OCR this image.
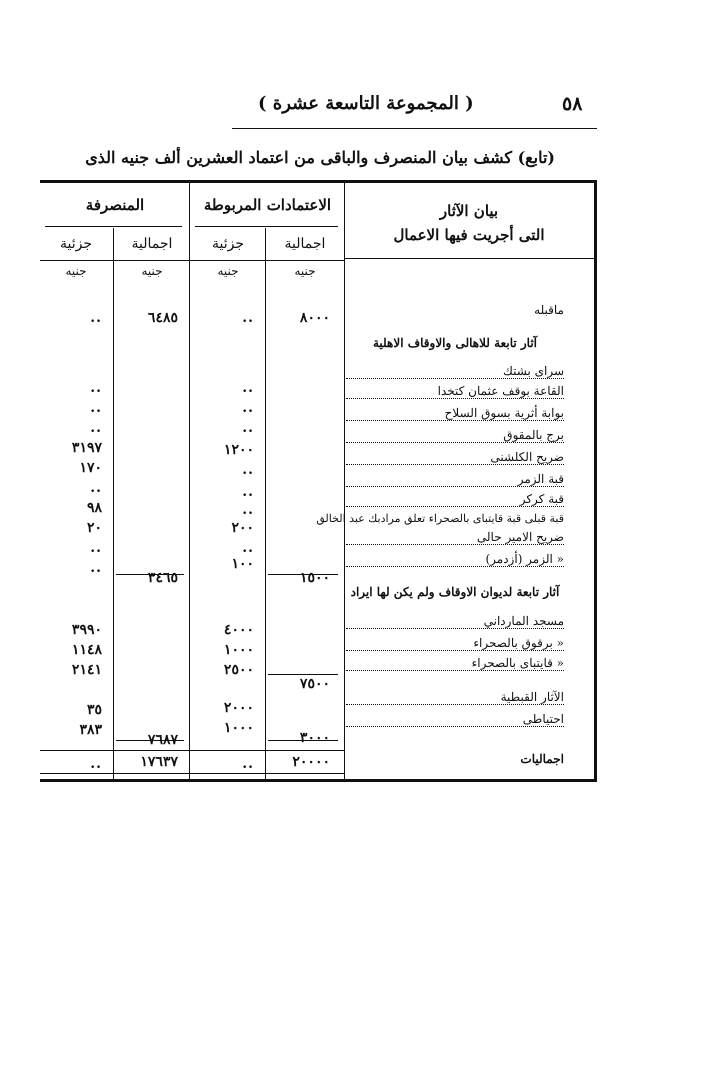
٥٨
( المجموعة التاسعة عشرة )
(تابع) كشف بيان المنصرف والباقى من اعتماد العشرين ألف جنيه الذى
بيان الآثار
التى أجريت فيها الاعمال
الاعتمادات المربوطة
المنصرفة
اجمالية
جزئية
اجمالية
جزئية
جنيه
جنيه
جنيه
جنيه
ماقبله
٨٠٠٠
..
٦٤٨٥
..
آثار تابعة للاهالى والاوقاف الاهلية
سراى بشتك
القاعة بوقف عثمان كتخدا
..
..
بوابة أثرية بسوق السلاح
..
..
برج بالمقوق
..
..
ضريح الكلشنى
١٢٠٠
٣١٩٧
قبة الزمر
..
١٧٠
قبة كركر
..
..
قبة قبلى قبة قايتباى بالصحراء تعلق مرادبك عبد الخالق
..
٩٨
ضريح الامير حالى
٢٠٠
٢٠
« الزمر (أزدمر)
..
..
١٥٠٠
١٠٠
٣٤٦٥
..
آثار تابعة لديوان الاوقاف ولم يكن لها ايراد
مسجد المارداني
٤٠٠٠
٣٩٩٠
« برقوق بالصحراء
١٠٠٠
١١٤٨
« قايتباى بالصحراء
٢٥٠٠
٢١٤١
٧٥٠٠
الآثار القبطية
٢٠٠٠
٣٥
احتياطى
١٠٠٠
٣٨٣	٣٠٠٠
٧٦٨٧
اجماليات
٢٠٠٠٠
..
١٧٦٣٧
..
